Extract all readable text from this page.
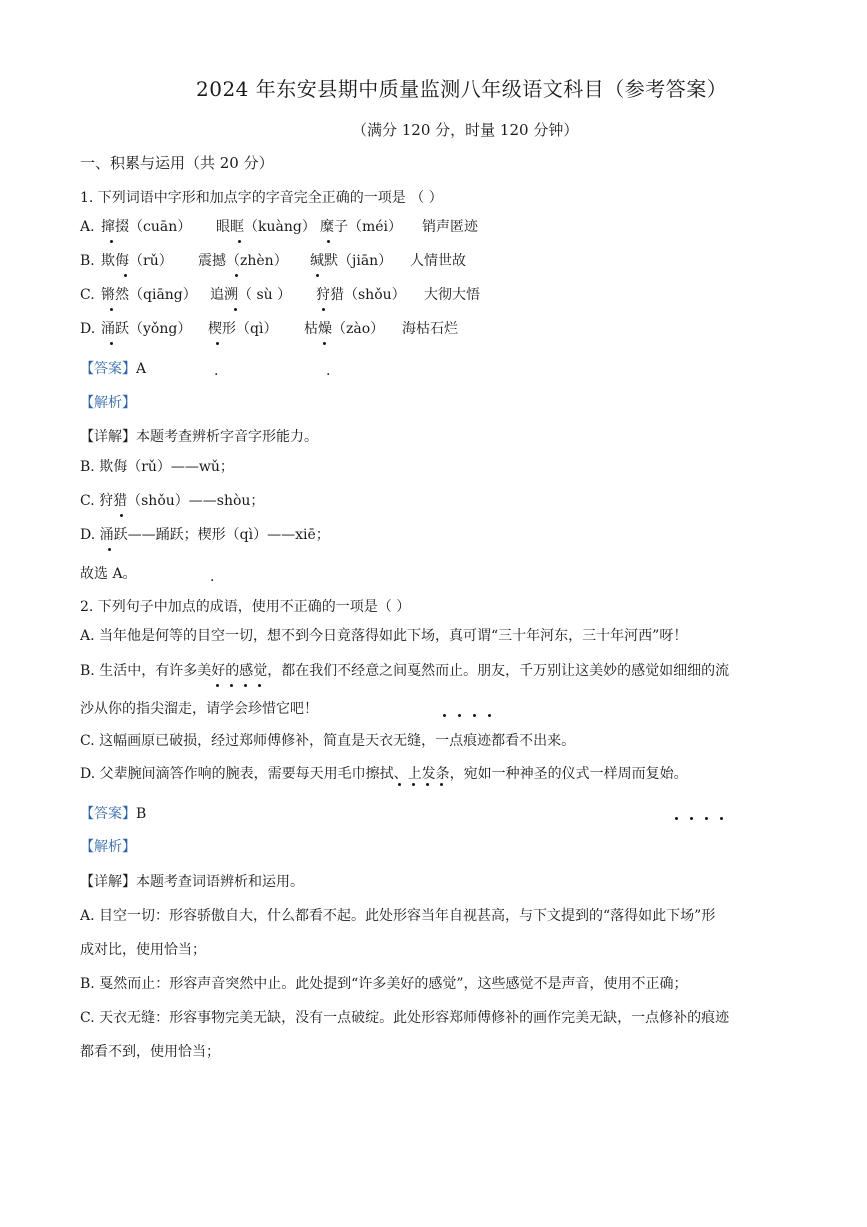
2024 年东安县期中质量监测八年级语文科目（参考答案）
（满分 120 分，时量 120 分钟）
一、积累与运用（共 20 分）
1. 下列词语中字形和加点字的字音完全正确的一项是 （ ）
A. 撺掇（cuān） 眼眶（kuàng） 糜子（méi） 销声匿迹
B. 欺侮（rǔ） 震撼（zhèn） 缄默（jiān） 人情世故
C. 锵然（qiāng） 追溯（ sù ） 狩猎（shǒu） 大彻大悟
D. 涌跃（yǒng） 楔形（qì） 枯燥（zào） 海枯石烂
【答案】A	.	.
【解析】
【详解】本题考查辨析字音字形能力。
B. 欺侮（rǔ）——wǔ；
C. 狩猎（shǒu）——shòu；
D. 涌跃——踊跃；楔形（qì）——xiē；
故选 A。	.
2. 下列句子中加点的成语，使用不正确的一项是（ ）
A. 当年他是何等的目空一切，想不到今日竟落得如此下场，真可谓“三十年河东，三十年河西”呀！
B. 生活中，有许多美好的感觉，都在我们不经意之间戛然而止。朋友，千万别让这美妙的感觉如细细的流
沙从你的指尖溜走，请学会珍惜它吧！
C. 这幅画原已破损，经过郑师傅修补，简直是天衣无缝，一点痕迹都看不出来。
D. 父辈腕间滴答作响的腕表，需要每天用毛巾擦拭、上发条，宛如一种神圣的仪式一样周而复始。
【答案】B
【解析】
【详解】本题考查词语辨析和运用。
A. 目空一切：形容骄傲自大，什么都看不起。此处形容当年自视甚高，与下文提到的“落得如此下场”形
成对比，使用恰当；
B. 戛然而止：形容声音突然中止。此处提到“许多美好的感觉”，这些感觉不是声音，使用不正确；
C. 天衣无缝：形容事物完美无缺，没有一点破绽。此处形容郑师傅修补的画作完美无缺，一点修补的痕迹
都看不到，使用恰当；
